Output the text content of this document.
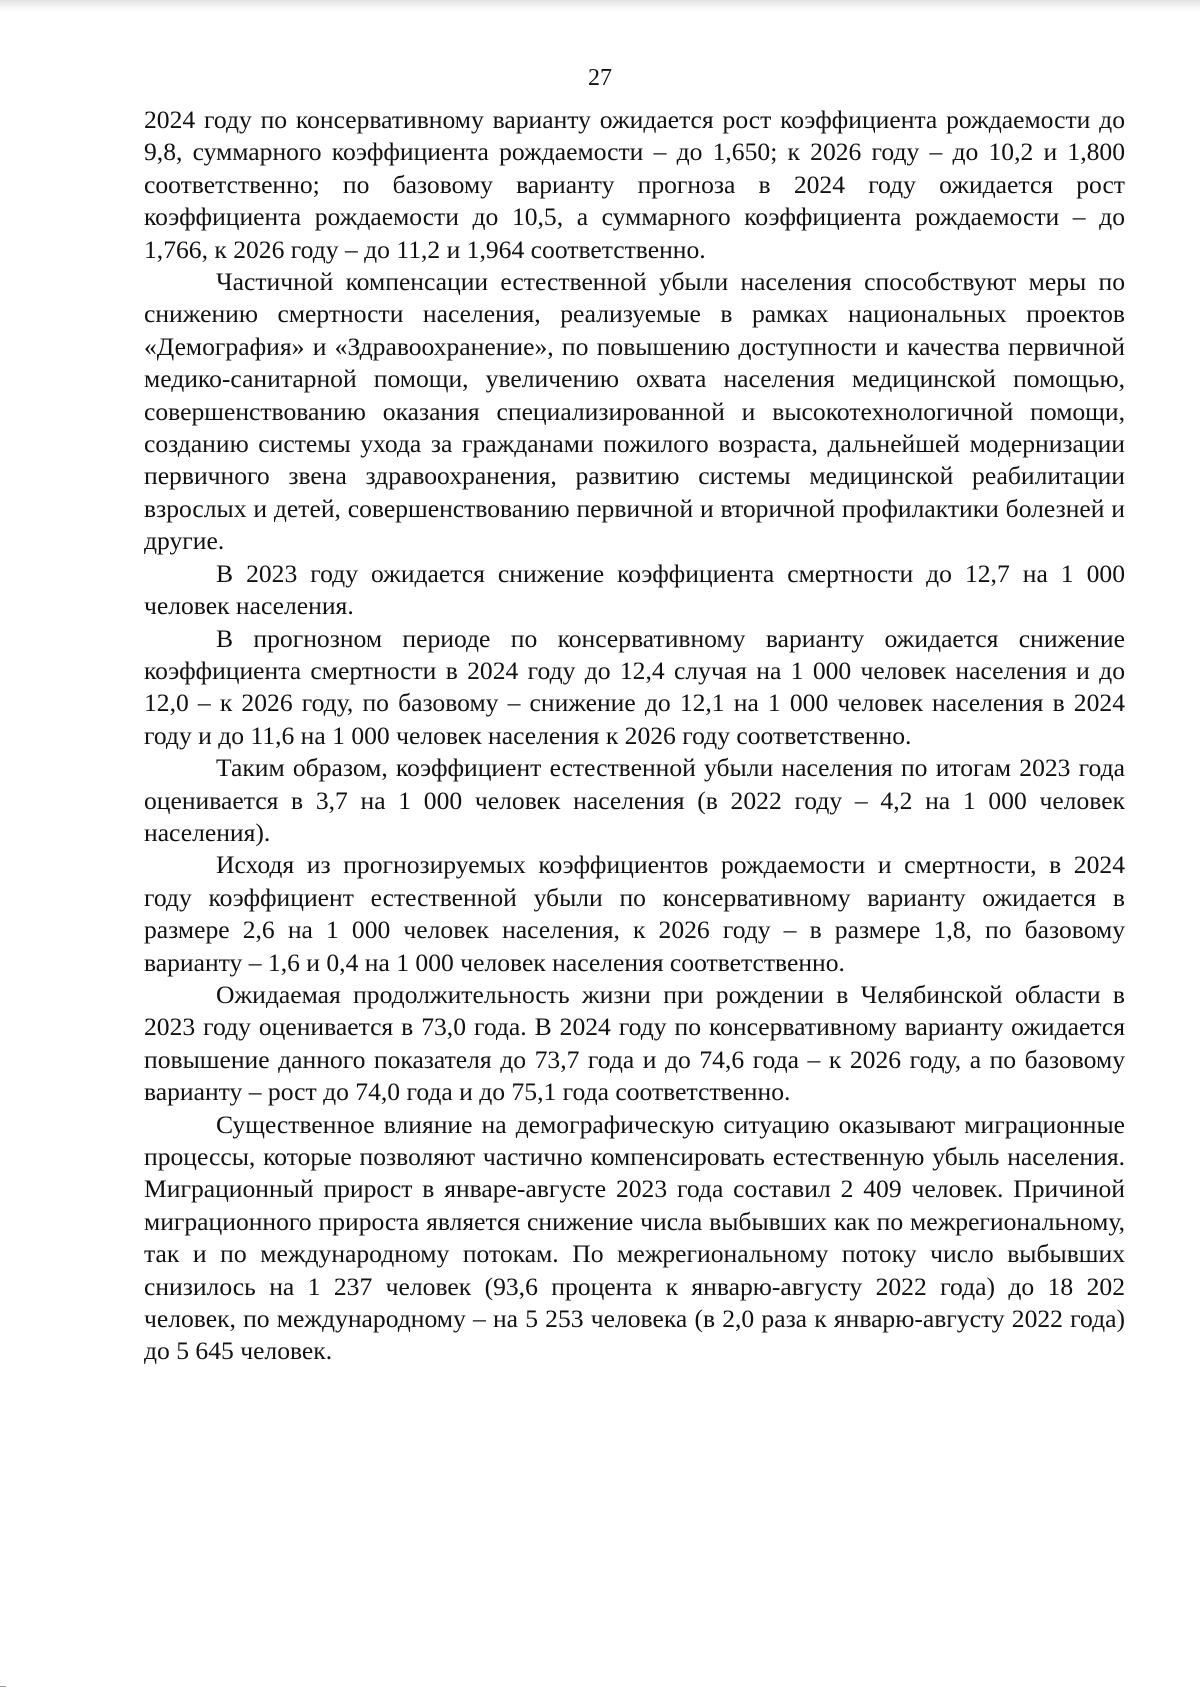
27

2024 году по консервативному варианту ожидается рост коэффициента рождаемости до 9,8, суммарного коэффициента рождаемости – до 1,650; к 2026 году – до 10,2 и 1,800 соответственно; по базовому варианту прогноза в 2024 году ожидается рост коэффициента рождаемости до 10,5, а суммарного коэффициента рождаемости – до 1,766, к 2026 году – до 11,2 и 1,964 соответственно.

Частичной компенсации естественной убыли населения способствуют меры по снижению смертности населения, реализуемые в рамках национальных проектов «Демография» и «Здравоохранение», по повышению доступности и качества первичной медико-санитарной помощи, увеличению охвата населения медицинской помощью, совершенствованию оказания специализированной и высокотехнологичной помощи, созданию системы ухода за гражданами пожилого возраста, дальнейшей модернизации первичного звена здравоохранения, развитию системы медицинской реабилитации взрослых и детей, совершенствованию первичной и вторичной профилактики болезней и другие.

В 2023 году ожидается снижение коэффициента смертности до 12,7 на 1 000 человек населения.

В прогнозном периоде по консервативному варианту ожидается снижение коэффициента смертности в 2024 году до 12,4 случая на 1 000 человек населения и до 12,0 – к 2026 году, по базовому – снижение до 12,1 на 1 000 человек населения в 2024 году и до 11,6 на 1 000 человек населения к 2026 году соответственно.

Таким образом, коэффициент естественной убыли населения по итогам 2023 года оценивается в 3,7 на 1 000 человек населения (в 2022 году – 4,2 на 1 000 человек населения).

Исходя из прогнозируемых коэффициентов рождаемости и смертности, в 2024 году коэффициент естественной убыли по консервативному варианту ожидается в размере 2,6 на 1 000 человек населения, к 2026 году – в размере 1,8, по базовому варианту – 1,6 и 0,4 на 1 000 человек населения соответственно.

Ожидаемая продолжительность жизни при рождении в Челябинской области в 2023 году оценивается в 73,0 года. В 2024 году по консервативному варианту ожидается повышение данного показателя до 73,7 года и до 74,6 года – к 2026 году, а по базовому варианту – рост до 74,0 года и до 75,1 года соответственно.

Существенное влияние на демографическую ситуацию оказывают миграционные процессы, которые позволяют частично компенсировать естественную убыль населения. Миграционный прирост в январе-августе 2023 года составил 2 409 человек. Причиной миграционного прироста является снижение числа выбывших как по межрегиональному, так и по международному потокам. По межрегиональному потоку число выбывших снизилось на 1 237 человек (93,6 процента к январю-августу 2022 года) до 18 202 человек, по международному – на 5 253 человека (в 2,0 раза к январю-августу 2022 года) до 5 645 человек.
